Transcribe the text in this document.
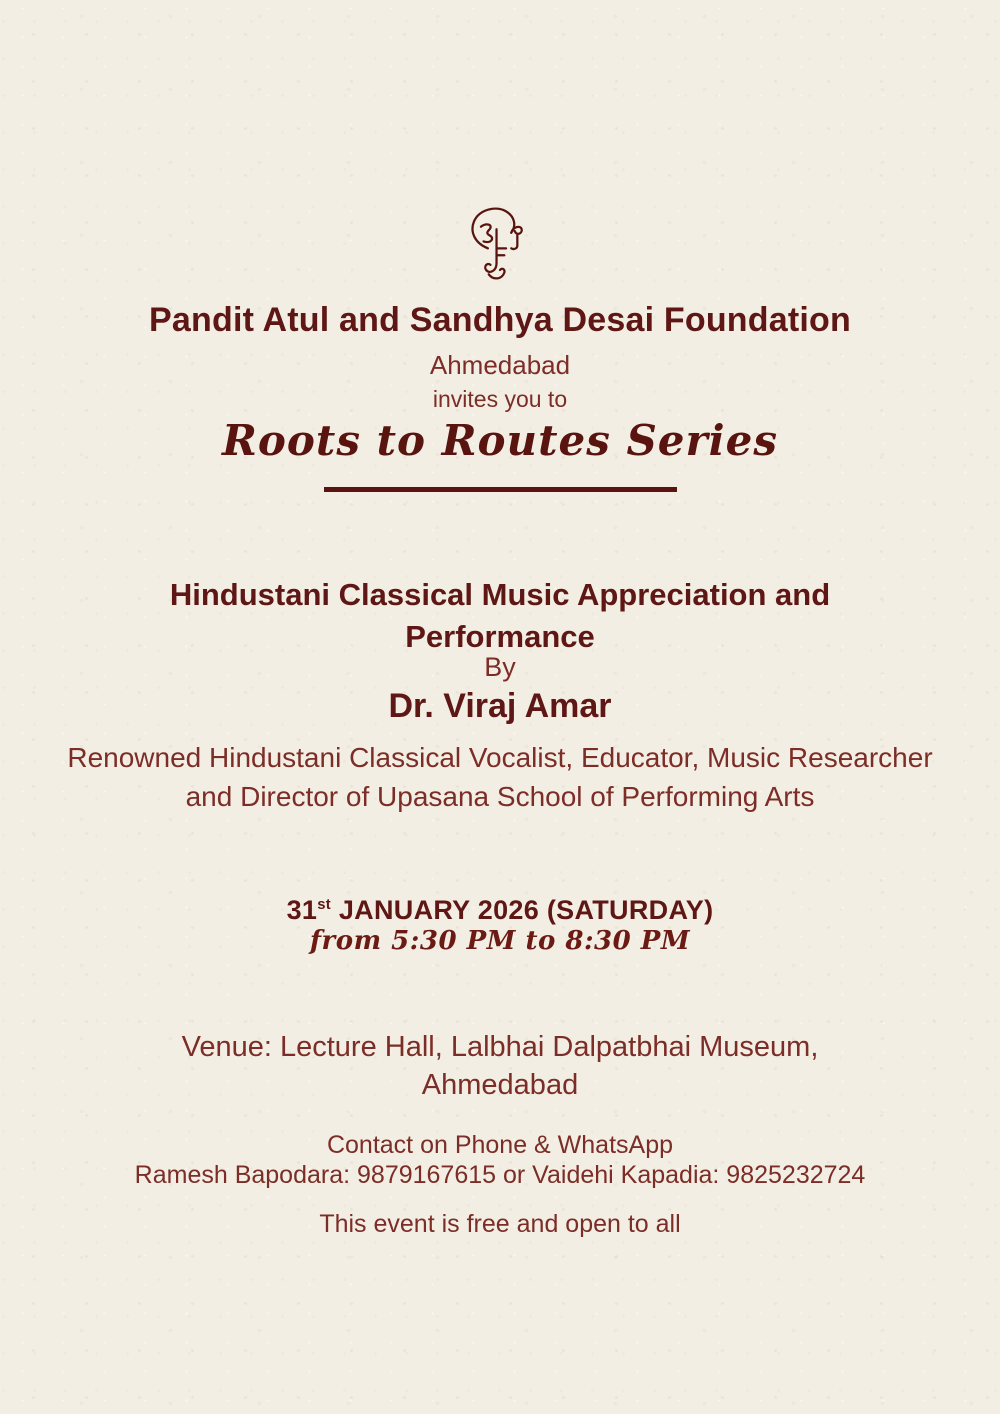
Pandit Atul and Sandhya Desai Foundation
Ahmedabad
invites you to
Roots to Routes Series
Hindustani Classical Music Appreciation and Performance
By
Dr. Viraj Amar
Renowned Hindustani Classical Vocalist, Educator, Music Researcher and Director of Upasana School of Performing Arts
31st JANUARY 2026 (SATURDAY)
from 5:30 PM to 8:30 PM
Venue: Lecture Hall, Lalbhai Dalpatbhai Museum, Ahmedabad
Contact on Phone & WhatsApp
Ramesh Bapodara: 9879167615 or Vaidehi Kapadia: 9825232724
This event is free and open to all
